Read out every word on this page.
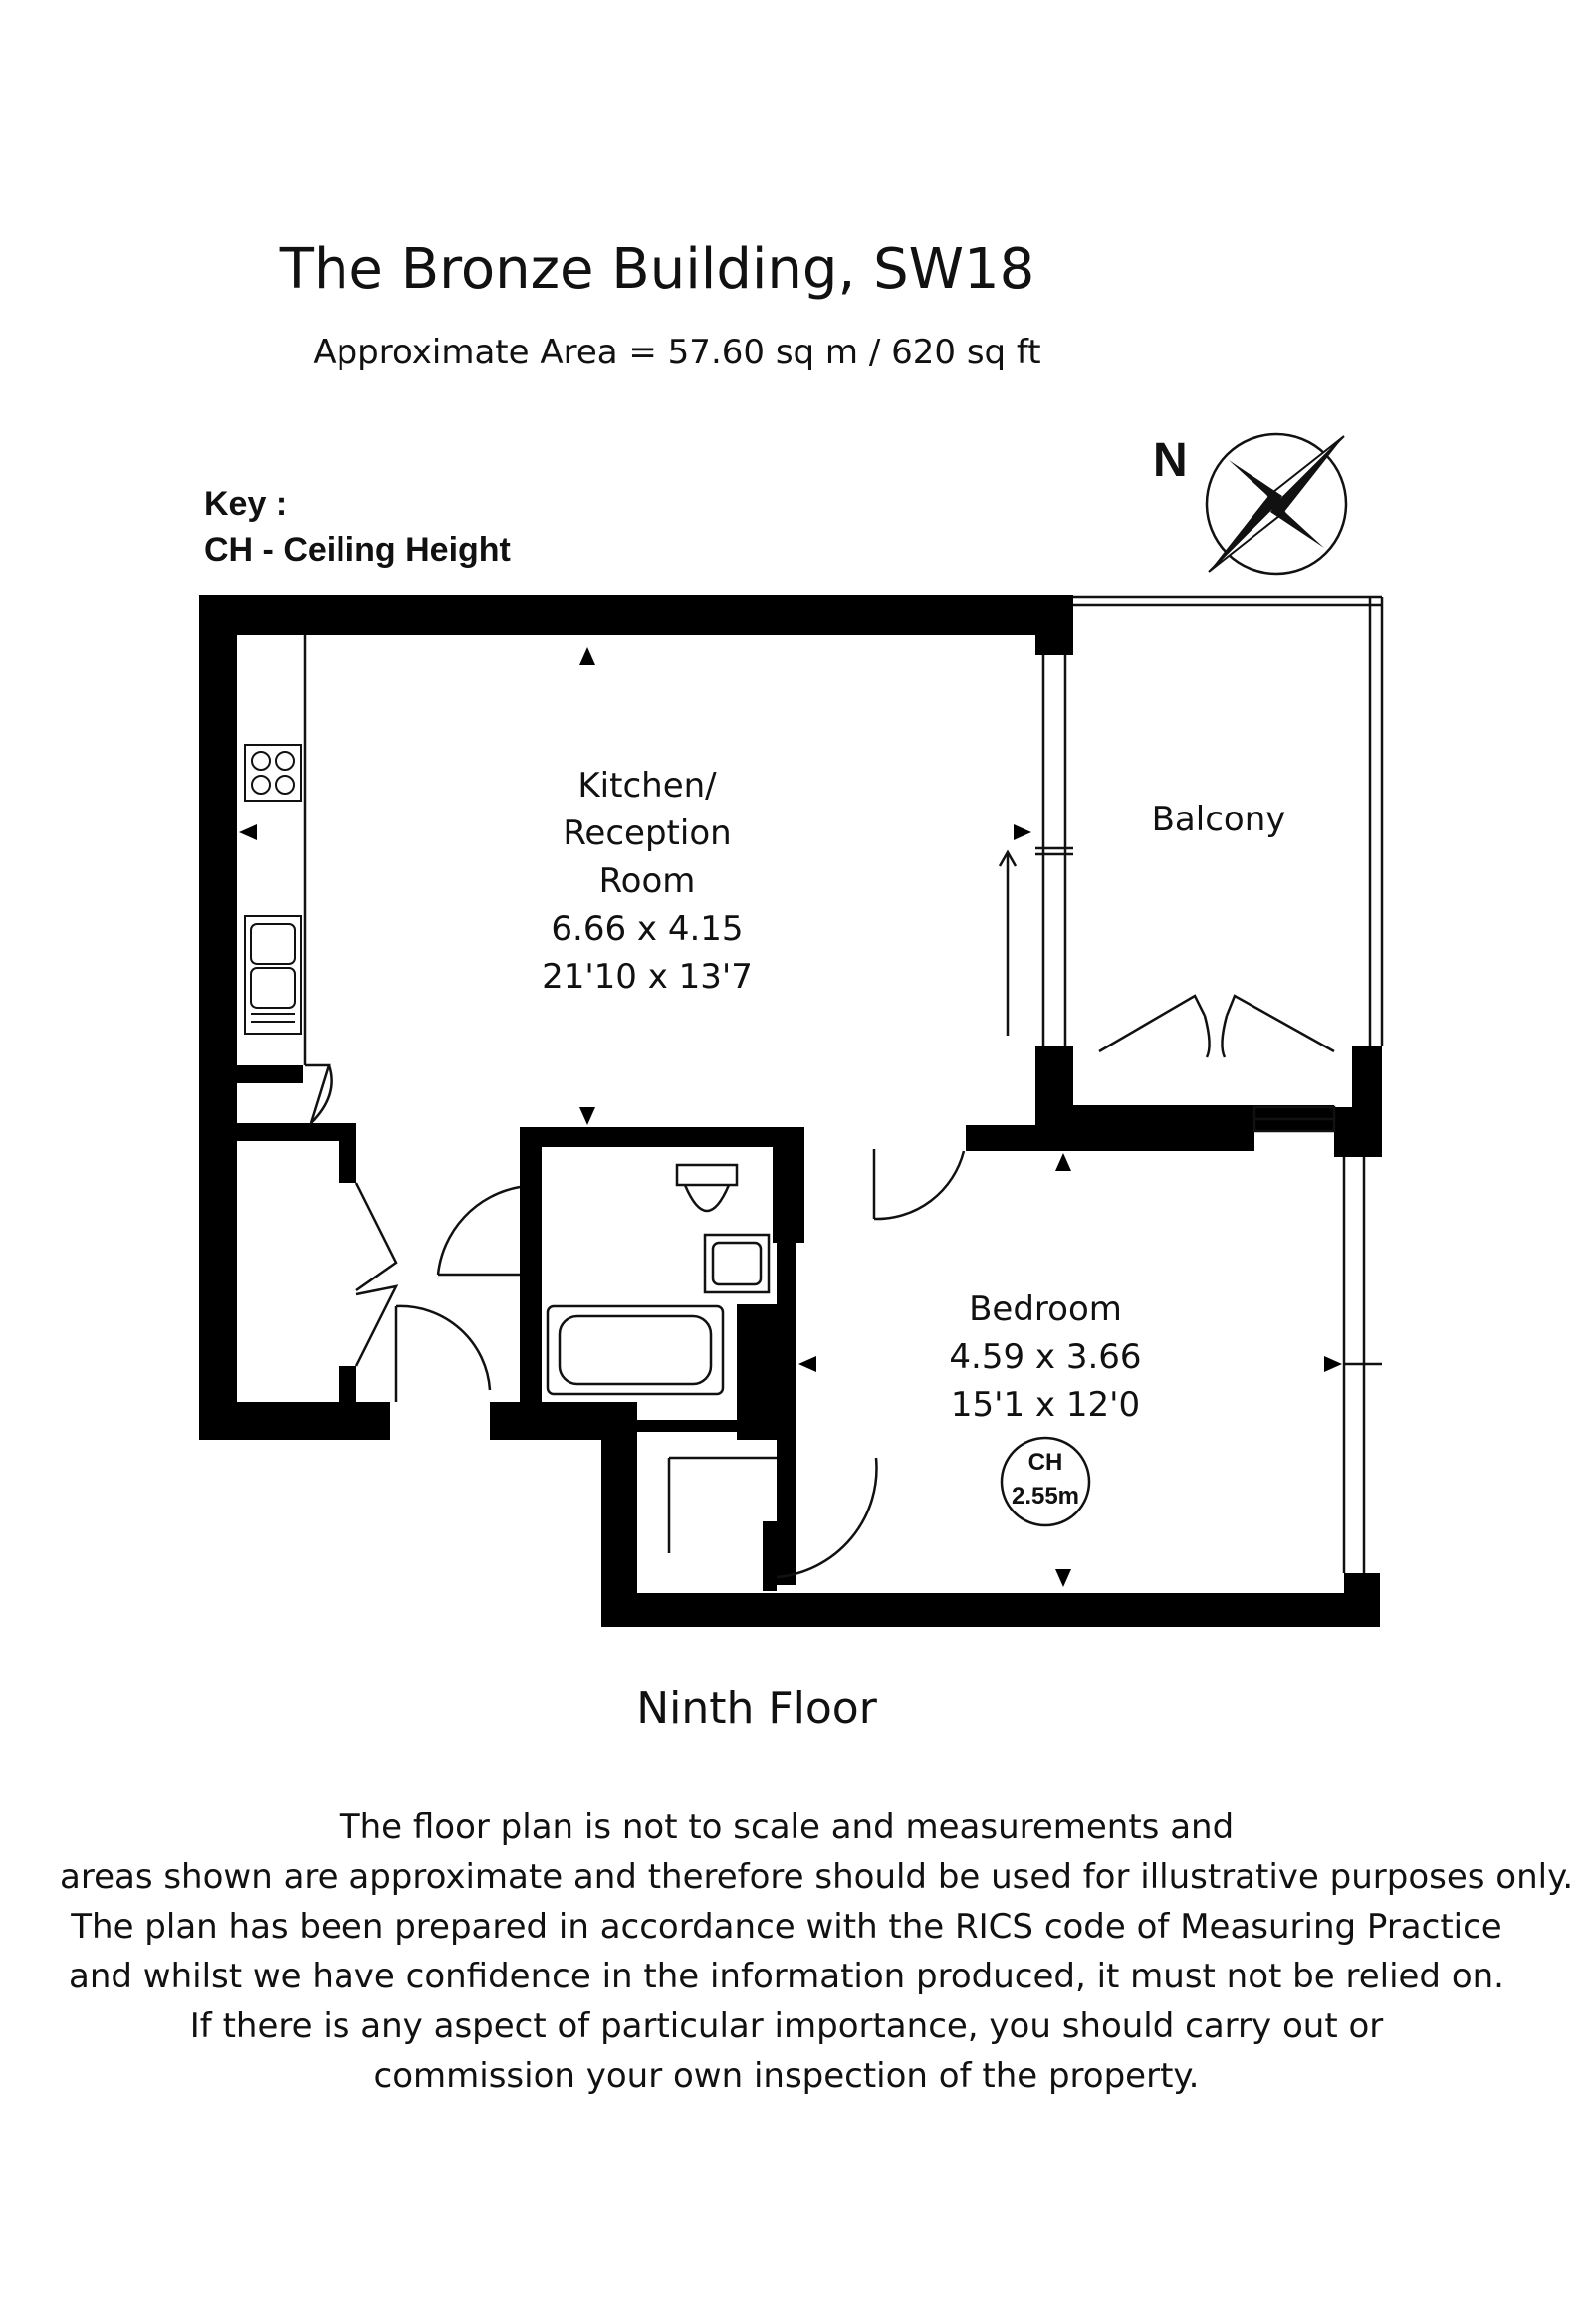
The Bronze Building, SW18
Approximate Area = 57.60 sq m / 620 sq ft
Key :
CH - Ceiling Height
N
Kitchen/
Reception
Room
6.66 x 4.15
21'10 x 13'7
Balcony
Bedroom
4.59 x 3.66
15'1 x 12'0
CH
2.55m
Ninth Floor
The floor plan is not to scale and measurements and
areas shown are approximate and therefore should be used for illustrative purposes only.
The plan has been prepared in accordance with the RICS code of Measuring Practice
and whilst we have confidence in the information produced, it must not be relied on.
If there is any aspect of particular importance, you should carry out or
commission your own inspection of the property.
